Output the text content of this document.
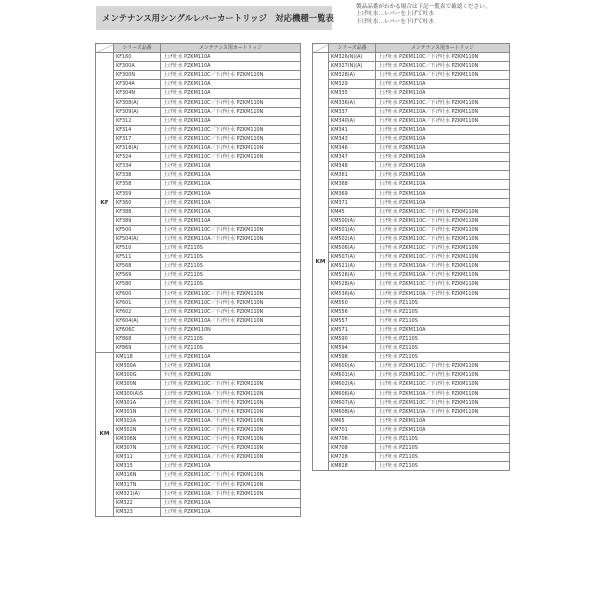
メンテナンス用シングルレバーカートリッジ　対応機種一覧表
製品品番がわかる場合は下記一覧表で確認ください。
上げ吐水…レバーを上げて吐水
下げ吐水…レバーを下げて吐水
	シリーズ品番	メンテナンス用カートリッジ
KF	KF160	上げ吐水 PZKM110A
	KF300A	上げ吐水 PZKM110A
	KF300N	上げ吐水 PZKM110C／下げ吐水 PZKM110N
	KF304A	上げ吐水 PZKM110A
	KF304N	上げ吐水 PZKM110A
	KF308(A)	上げ吐水 PZKM110C／下げ吐水 PZKM110N
	KF309(A)	上げ吐水 PZKM110A／下げ吐水 PZKM110N
	KF312	上げ吐水 PZKM110A
	KF314	上げ吐水 PZKM110C／下げ吐水 PZKM110N
	KF317	上げ吐水 PZKM110C／下げ吐水 PZKM110N
	KF318(A)	上げ吐水 PZKM110A／下げ吐水 PZKM110N
	KF324	上げ吐水 PZKM110C／下げ吐水 PZKM110N
	KF334	上げ吐水 PZKM110A
	KF338	上げ吐水 PZKM110A
	KF358	上げ吐水 PZKM110A
	KF359	上げ吐水 PZKM110A
	KF360	上げ吐水 PZKM110A
	KF388	上げ吐水 PZKM110A
	KF389	上げ吐水 PZKM110A
	KF500	上げ吐水 PZKM110C／下げ吐水 PZKM110N
	KF504(A)	上げ吐水 PZKM110A／下げ吐水 PZKM110N
	KF510	上げ吐水 PZ110S
	KF511	上げ吐水 PZ110S
	KF568	上げ吐水 PZ110S
	KF569	上げ吐水 PZ110S
	KF580	上げ吐水 PZ110S
	KF600	上げ吐水 PZKM110C／下げ吐水 PZKM110N
	KF601	上げ吐水 PZKM110C／下げ吐水 PZKM110N
	KF602	上げ吐水 PZKM110C／下げ吐水 PZKM110N
	KF604(A)	上げ吐水 PZKM110A／下げ吐水 PZKM110N
	KF606C	下げ吐水 PZKM110N
	KF868	上げ吐水 PZ110S
	KF869	上げ吐水 PZ110S
KM	KM118	上げ吐水 PZKM110A
	KM300A	上げ吐水 PZKM110A
	KM300G	下げ吐水 PZKM110N
	KM300N	上げ吐水 PZKM110C／下げ吐水 PZKM110N
	KM300(A)S	上げ吐水 PZKM110A／下げ吐水 PZKM110N
	KM301A	上げ吐水 PZKM110A／下げ吐水 PZKM110N
	KM301N	上げ吐水 PZKM110A／下げ吐水 PZKM110N
	KM302A	上げ吐水 PZKM110A／下げ吐水 PZKM110N
	KM302N	上げ吐水 PZKM110C／下げ吐水 PZKM110N
	KM306N	上げ吐水 PZKM110C／下げ吐水 PZKM110N
	KM307N	上げ吐水 PZKM110C／下げ吐水 PZKM110N
	KM311	上げ吐水 PZKM110A／下げ吐水 PZKM110N
	KM315	上げ吐水 PZKM110A
	KM316N	上げ吐水 PZKM110C／下げ吐水 PZKM110N
	KM317N	上げ吐水 PZKM110C／下げ吐水 PZKM110N
	KM321(A)	上げ吐水 PZKM110A／下げ吐水 PZKM110N
	KM322	上げ吐水 PZKM110A
	KM323	上げ吐水 PZKM110A
	シリーズ品番	メンテナンス用カートリッジ
KM	KM326(N)(A)	上げ吐水 PZKM110C／下げ吐水 PZKM110N
	KM327(N)(A)	上げ吐水 PZKM110C／下げ吐水 PZKM110N
	KM328(A)	上げ吐水 PZKM110A／下げ吐水 PZKM110N
	KM329	上げ吐水 PZKM110A
	KM335	上げ吐水 PZKM110A
	KM336(A)	上げ吐水 PZKM110C／下げ吐水 PZKM110N
	KM337	上げ吐水 PZKM110A／下げ吐水 PZKM110N
	KM340(A)	上げ吐水 PZKM110A／下げ吐水 PZKM110N
	KM341	上げ吐水 PZKM110A
	KM343	上げ吐水 PZKM110A
	KM346	上げ吐水 PZKM110A
	KM347	上げ吐水 PZKM110A
	KM348	上げ吐水 PZKM110A
	KM361	上げ吐水 PZKM110A
	KM368	上げ吐水 PZKM110A
	KM369	上げ吐水 PZKM110A
	KM371	上げ吐水 PZKM110A
	KM45	上げ吐水 PZKM110C／下げ吐水 PZKM110N
	KM500(A)	上げ吐水 PZKM110C／下げ吐水 PZKM110N
	KM501(A)	上げ吐水 PZKM110C／下げ吐水 PZKM110N
	KM502(A)	上げ吐水 PZKM110C／下げ吐水 PZKM110N
	KM506(A)	上げ吐水 PZKM110C／下げ吐水 PZKM110N
	KM507(A)	上げ吐水 PZKM110C／下げ吐水 PZKM110N
	KM521(A)	上げ吐水 PZKM110A／下げ吐水 PZKM110N
	KM526(A)	上げ吐水 PZKM110A／下げ吐水 PZKM110N
	KM528(A)	上げ吐水 PZKM110C／下げ吐水 PZKM110N
	KM536(A)	上げ吐水 PZKM110A／下げ吐水 PZKM110N
	KM550	上げ吐水 PZ110S
	KM556	上げ吐水 PZ110S
	KM557	上げ吐水 PZ110S
	KM571	上げ吐水 PZKM110A
	KM590	上げ吐水 PZ110S
	KM594	上げ吐水 PZ110S
	KM598	上げ吐水 PZ110S
	KM600(A)	上げ吐水 PZKM110C／下げ吐水 PZKM110N
	KM601(A)	上げ吐水 PZKM110C／下げ吐水 PZKM110N
	KM602(A)	上げ吐水 PZKM110C／下げ吐水 PZKM110N
	KM606(A)	上げ吐水 PZKM110A／下げ吐水 PZKM110N
	KM607(A)	上げ吐水 PZKM110C／下げ吐水 PZKM110N
	KM608(A)	上げ吐水 PZKM110A／下げ吐水 PZKM110N
	KM65	上げ吐水 PZKM110A
	KM701	上げ吐水 PZKM110A
	KM706	上げ吐水 PZ110S
	KM708	上げ吐水 PZ110S
	KM728	上げ吐水 PZ110S
	KM828	上げ吐水 PZ110S
